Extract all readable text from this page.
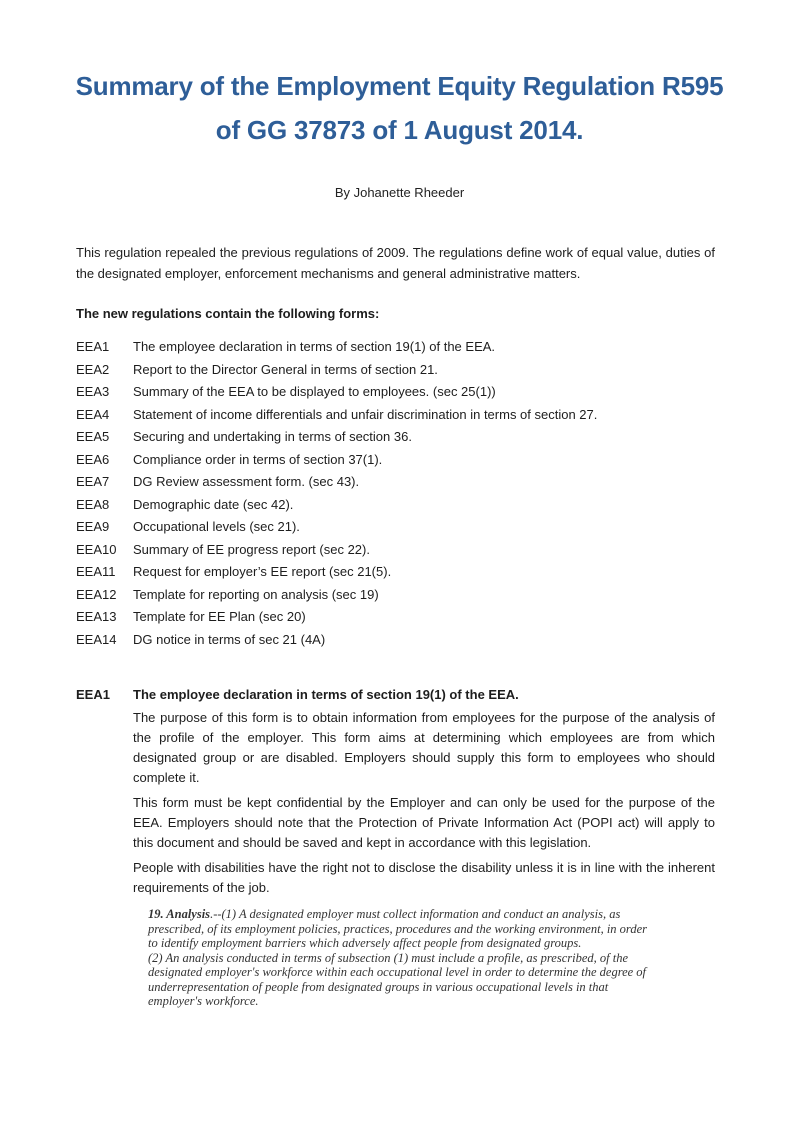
Summary of the Employment Equity Regulation R595
of GG 37873 of 1 August 2014.
By Johanette Rheeder

This regulation repealed the previous regulations of 2009. The regulations define work of equal value, duties of the designated employer, enforcement mechanisms and general administrative matters.

The new regulations contain the following forms:
EEA1	The employee declaration in terms of section 19(1) of the EEA.
EEA2	Report to the Director General in terms of section 21.
EEA3	Summary of the EEA to be displayed to employees. (sec 25(1))
EEA4	Statement of income differentials and unfair discrimination in terms of section 27.
EEA5	Securing and undertaking in terms of section 36.
EEA6	Compliance order in terms of section 37(1).
EEA7	DG Review assessment form. (sec 43).
EEA8	Demographic date (sec 42).
EEA9	Occupational levels (sec 21).
EEA10	Summary of EE progress report (sec 22).
EEA11	Request for employer’s EE report (sec 21(5).
EEA12	Template for reporting on analysis (sec 19)
EEA13	Template for EE Plan (sec 20)
EEA14	DG notice in terms of sec 21 (4A)
EEA1	The employee declaration in terms of section 19(1) of the EEA.

The purpose of this form is to obtain information from employees for the purpose of the analysis of the profile of the employer. This form aims at determining which employees are from which designated group or are disabled. Employers should supply this form to employees who should complete it.

This form must be kept confidential by the Employer and can only be used for the purpose of the EEA. Employers should note that the Protection of Private Information Act (POPI act) will apply to this document and should be saved and kept in accordance with this legislation.

People with disabilities have the right not to disclose the disability unless it is in line with the inherent requirements of the job.

19. Analysis.--(1) A designated employer must collect information and conduct an analysis, as prescribed, of its employment policies, practices, procedures and the working environment, in order to identify employment barriers which adversely affect people from designated groups.

(2) An analysis conducted in terms of subsection (1) must include a profile, as prescribed, of the designated employer's workforce within each occupational level in order to determine the degree of underrepresentation of people from designated groups in various occupational levels in that employer's workforce.
